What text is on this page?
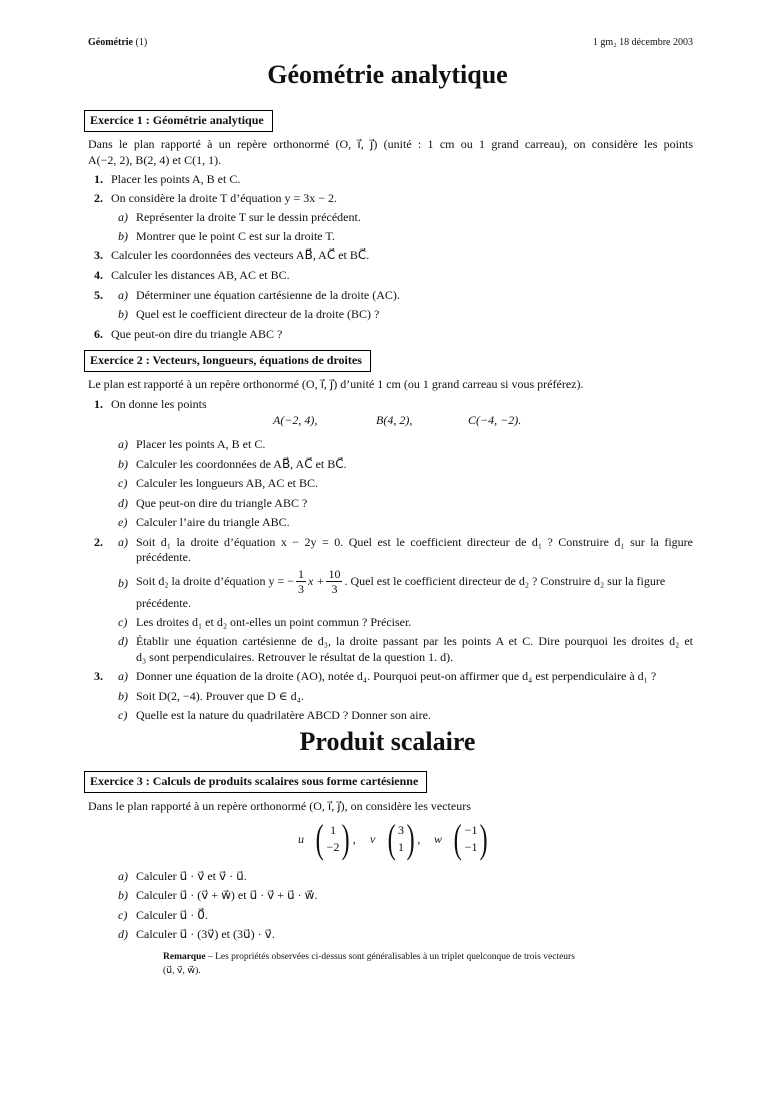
Géométrie (1)	1 gm₂ 18 décembre 2003
Géométrie analytique
Exercice 1 : Géométrie analytique
Dans le plan rapporté à un repère orthonormé (O, i⃗, j⃗) (unité : 1 cm ou 1 grand carreau), on considère les points
A(−2, 2), B(2, 4) et C(1, 1).
1. Placer les points A, B et C.
2. On considère la droite T d’équation y = 3x − 2.
a) Représenter la droite T sur le dessin précédent.
b) Montrer que le point C est sur la droite T.
3. Calculer les coordonnées des vecteurs AB⃗, AC⃗ et BC⃗.
4. Calculer les distances AB, AC et BC.
5. a) Déterminer une équation cartésienne de la droite (AC).
b) Quel est le coefficient directeur de la droite (BC) ?
6. Que peut-on dire du triangle ABC ?
Exercice 2 : Vecteurs, longueurs, équations de droites
Le plan est rapporté à un repère orthonormé (O, i⃗, j⃗) d’unité 1 cm (ou 1 grand carreau si vous préférez).
1. On donne les points
A(−2, 4),	B(4, 2),	C(−4, −2).
a) Placer les points A, B et C.
b) Calculer les coordonnées de AB⃗, AC⃗ et BC⃗.
c) Calculer les longueurs AB, AC et BC.
d) Que peut-on dire du triangle ABC ?
e) Calculer l’aire du triangle ABC.
2. a) Soit d₁ la droite d’équation x − 2y = 0. Quel est le coefficient directeur de d₁ ? Construire d₁ sur la figure
précédente.
b) Soit d₂ la droite d’équation y = − $\frac{1}{3}$ $x + \frac{10}{3}$ . Quel est le coefficient directeur de d₂ ? Construire d₂ sur la figure
précédente.
c) Les droites d₁ et d₂ ont-elles un point commun ? Préciser.
d) Établir une équation cartésienne de d₃, la droite passant par les points A et C. Dire pourquoi les droites d₂ et
d₃ sont perpendiculaires. Retrouver le résultat de la question 1. d).
3. a) Donner une équation de la droite (AO), notée d₄. Pourquoi peut-on affirmer que d₄ est perpendiculaire à d₁ ?
b) Soit D(2, −4). Prouver que D ∈ d₄.
c) Quelle est la nature du quadrilatère ABCD ? Donner son aire.
Produit scalaire
Exercice 3 : Calculs de produits scalaires sous forme cartésienne
Dans le plan rapporté à un repère orthonormé (O, i⃗, j⃗), on considère les vecteurs
u⃗ ( 1
−2 ) , v⃗ ( 3
1 ) , w⃗ ( −1
−1 )
a) Calculer u⃗ · v⃗ et v⃗ · u⃗.
b) Calculer u⃗ · (v⃗ + w⃗) et u⃗ · v⃗ + u⃗ · w⃗.
c) Calculer u⃗ · 0⃗.
d) Calculer u⃗ · (3v⃗) et (3u⃗) · v⃗.
Remarque – Les propriétés observées ci-dessus sont généralisables à un triplet quelconque de trois vecteurs
(u⃗, v⃗, w⃗).
